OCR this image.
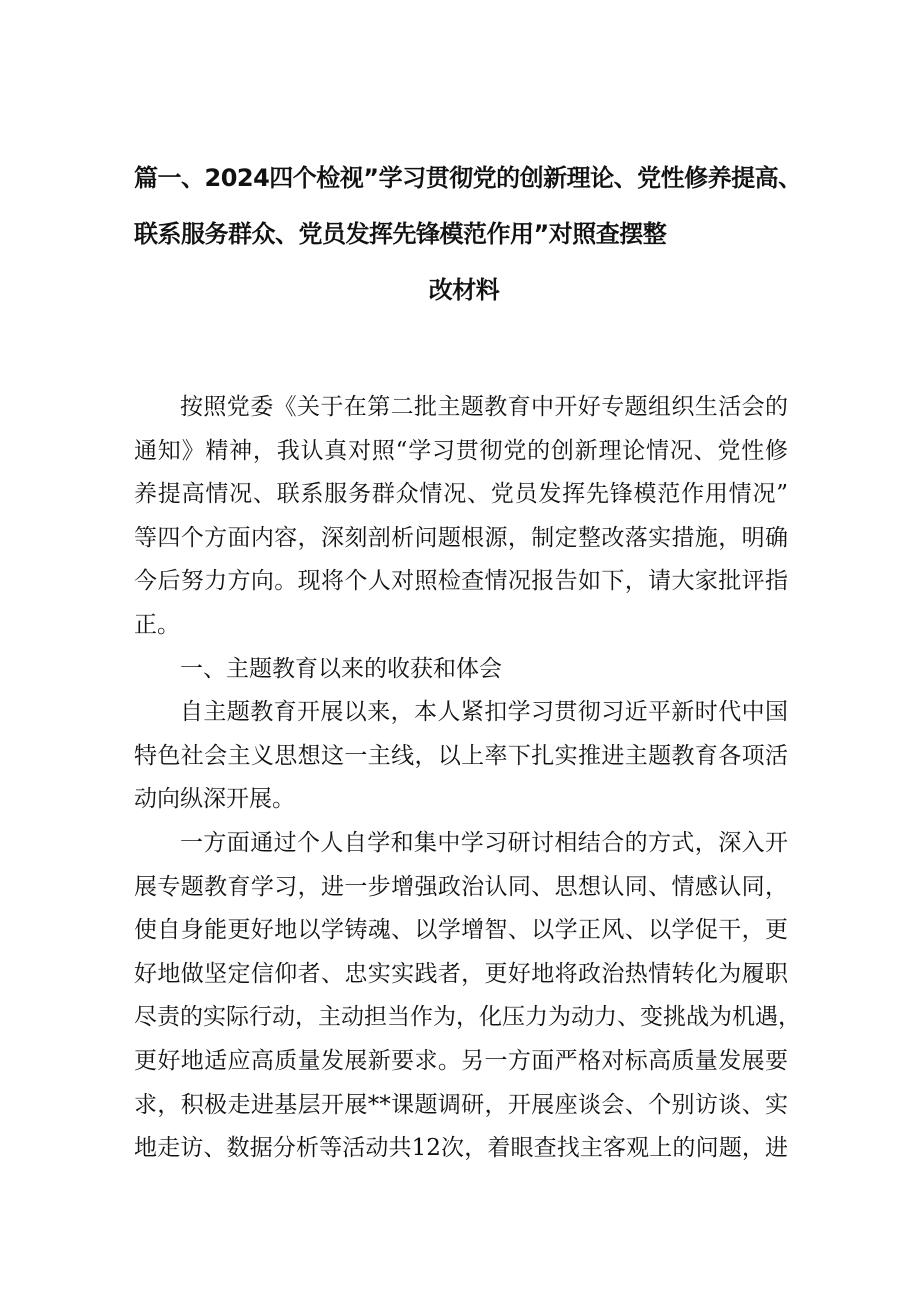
篇一、2024四个检视”学习贯彻党的创新理论、党性修养提高、
联系服务群众、党员发挥先锋模范作用”对照查摆整
改材料
按照党委《关于在第二批主题教育中开好专题组织生活会的
通知》精神，我认真对照“学习贯彻党的创新理论情况、党性修
养提高情况、联系服务群众情况、党员发挥先锋模范作用情况”
等四个方面内容，深刻剖析问题根源，制定整改落实措施，明确
今后努力方向。现将个人对照检查情况报告如下，请大家批评指
正。
一、主题教育以来的收获和体会
自主题教育开展以来，本人紧扣学习贯彻习近平新时代中国
特色社会主义思想这一主线，以上率下扎实推进主题教育各项活
动向纵深开展。
一方面通过个人自学和集中学习研讨相结合的方式，深入开
展专题教育学习，进一步增强政治认同、思想认同、情感认同，
使自身能更好地以学铸魂、以学增智、以学正风、以学促干，更
好地做坚定信仰者、忠实实践者，更好地将政治热情转化为履职
尽责的实际行动，主动担当作为，化压力为动力、变挑战为机遇，
更好地适应高质量发展新要求。另一方面严格对标高质量发展要
求，积极走进基层开展**课题调研，开展座谈会、个别访谈、实
地走访、数据分析等活动共12次，着眼查找主客观上的问题，进
